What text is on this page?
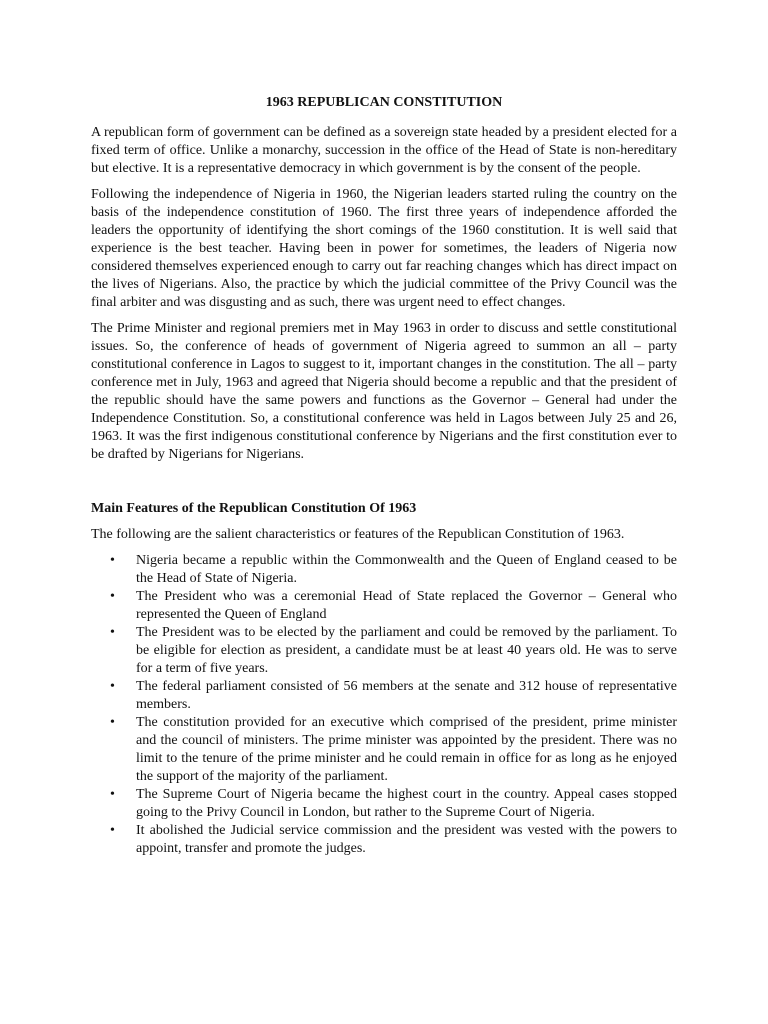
1963 REPUBLICAN CONSTITUTION

A republican form of government can be defined as a sovereign state headed by a president elected for a fixed term of office. Unlike a monarchy, succession in the office of the Head of State is non-hereditary but elective. It is a representative democracy in which government is by the consent of the people.

Following the independence of Nigeria in 1960, the Nigerian leaders started ruling the country on the basis of the independence constitution of 1960. The first three years of independence afforded the leaders the opportunity of identifying the short comings of the 1960 constitution. It is well said that experience is the best teacher. Having been in power for sometimes, the leaders of Nigeria now considered themselves experienced enough to carry out far reaching changes which has direct impact on the lives of Nigerians. Also, the practice by which the judicial committee of the Privy Council was the final arbiter and was disgusting and as such, there was urgent need to effect changes.

The Prime Minister and regional premiers met in May 1963 in order to discuss and settle constitutional issues. So, the conference of heads of government of Nigeria agreed to summon an all – party constitutional conference in Lagos to suggest to it, important changes in the constitution. The all – party conference met in July, 1963 and agreed that Nigeria should become a republic and that the president of the republic should have the same powers and functions as the Governor – General had under the Independence Constitution. So, a constitutional conference was held in Lagos between July 25 and 26, 1963. It was the first indigenous constitutional conference by Nigerians and the first constitution ever to be drafted by Nigerians for Nigerians.

Main Features of the Republican Constitution Of 1963

The following are the salient characteristics or features of the Republican Constitution of 1963.

• Nigeria became a republic within the Commonwealth and the Queen of England ceased to be the Head of State of Nigeria.
• The President who was a ceremonial Head of State replaced the Governor – General who represented the Queen of England
• The President was to be elected by the parliament and could be removed by the parliament. To be eligible for election as president, a candidate must be at least 40 years old. He was to serve for a term of five years.
• The federal parliament consisted of 56 members at the senate and 312 house of representative members.
• The constitution provided for an executive which comprised of the president, prime minister and the council of ministers. The prime minister was appointed by the president. There was no limit to the tenure of the prime minister and he could remain in office for as long as he enjoyed the support of the majority of the parliament.
• The Supreme Court of Nigeria became the highest court in the country. Appeal cases stopped going to the Privy Council in London, but rather to the Supreme Court of Nigeria.
• It abolished the Judicial service commission and the president was vested with the powers to appoint, transfer and promote the judges.
